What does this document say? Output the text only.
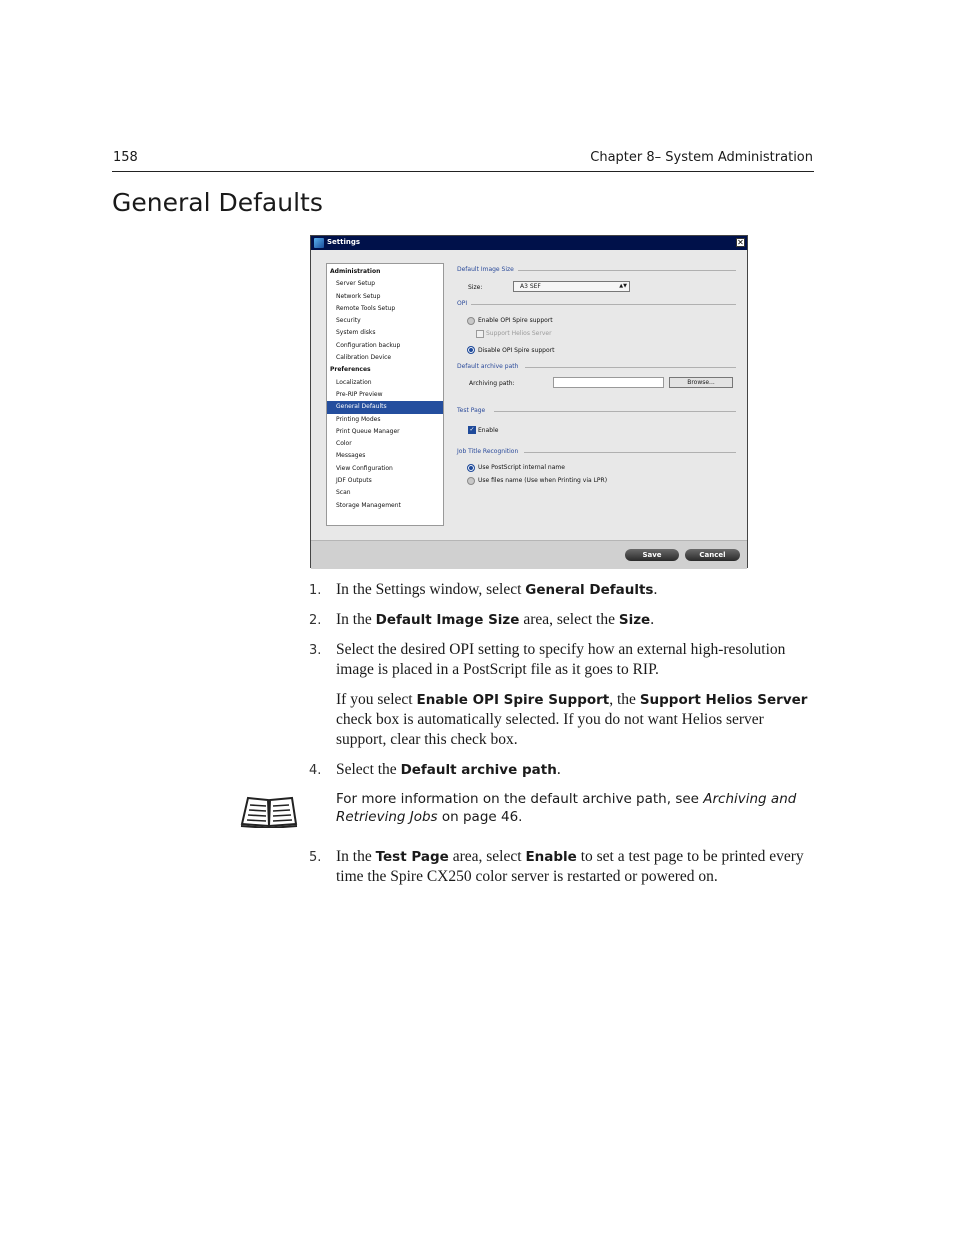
158	Chapter 8– System Administration
General Defaults
Settings	✕
Administration
Server Setup
Network Setup
Remote Tools Setup
Security
System disks
Configuration backup
Calibration Device
Preferences
Localization
Pre-RIP Preview
General Defaults
Printing Modes
Print Queue Manager
Color
Messages
View Configuration
JDF Outputs
Scan
Storage Management
Default Image Size
Size:	A3 SEF	▲▼
OPI
Enable OPI Spire support
Support Helios Server
Disable OPI Spire support
Default archive path
Archiving path:	Browse...
Test Page
✓ Enable
Job Title Recognition
Use PostScript internal name
Use files name (Use when Printing via LPR)
Save	Cancel
1. In the Settings window, select General Defaults.
2. In the Default Image Size area, select the Size.
3. Select the desired OPI setting to specify how an external high-resolution image is placed in a PostScript file as it goes to RIP.
If you select Enable OPI Spire Support, the Support Helios Server check box is automatically selected. If you do not want Helios server support, clear this check box.
4. Select the Default archive path.
5. In the Test Page area, select Enable to set a test page to be printed every time the Spire CX250 color server is restarted or powered on.
For more information on the default archive path, see Archiving and Retrieving Jobs on page 46.
